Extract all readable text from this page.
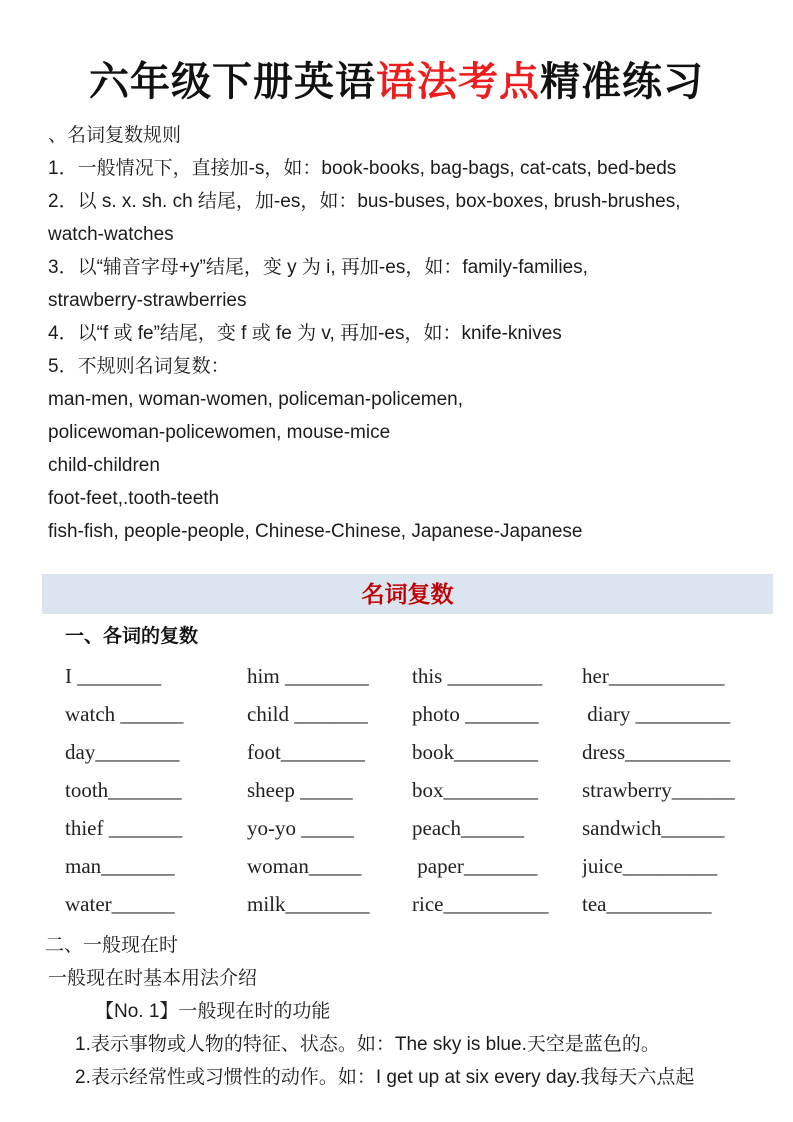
六年级下册英语语法考点精准练习

、名词复数规则

1．一般情况下，直接加-s，如：book-books, bag-bags, cat-cats, bed-beds

2．以 s. x. sh. ch 结尾，加-es，如：bus-buses, box-boxes, brush-brushes,

watch-watches

3．以“辅音字母+y”结尾，变 y 为 i, 再加-es，如：family-families,

strawberry-strawberries

4．以“f 或 fe”结尾，变 f 或 fe 为 v, 再加-es，如：knife-knives

5．不规则名词复数：

man-men, woman-women, policeman-policemen,

policewoman-policewomen, mouse-mice

child-children

foot-feet,.tooth-teeth

fish-fish, people-people, Chinese-Chinese, Japanese-Japanese

名词复数
一、各词的复数
I ________	him ________	this _________	her___________
watch ______	child _______	photo _______	diary _________
day________	foot________	book________	dress__________
tooth_______	sheep _____	box_________	strawberry______
thief _______	yo-yo _____	peach______	sandwich______
man_______	woman_____	paper_______	juice_________
water______	milk________	rice__________	tea__________

二、一般现在时

一般现在时基本用法介绍

【No. 1】一般现在时的功能

1.表示事物或人物的特征、状态。如：The sky is blue.天空是蓝色的。

2.表示经常性或习惯性的动作。如：I get up at six every day.我每天六点起
